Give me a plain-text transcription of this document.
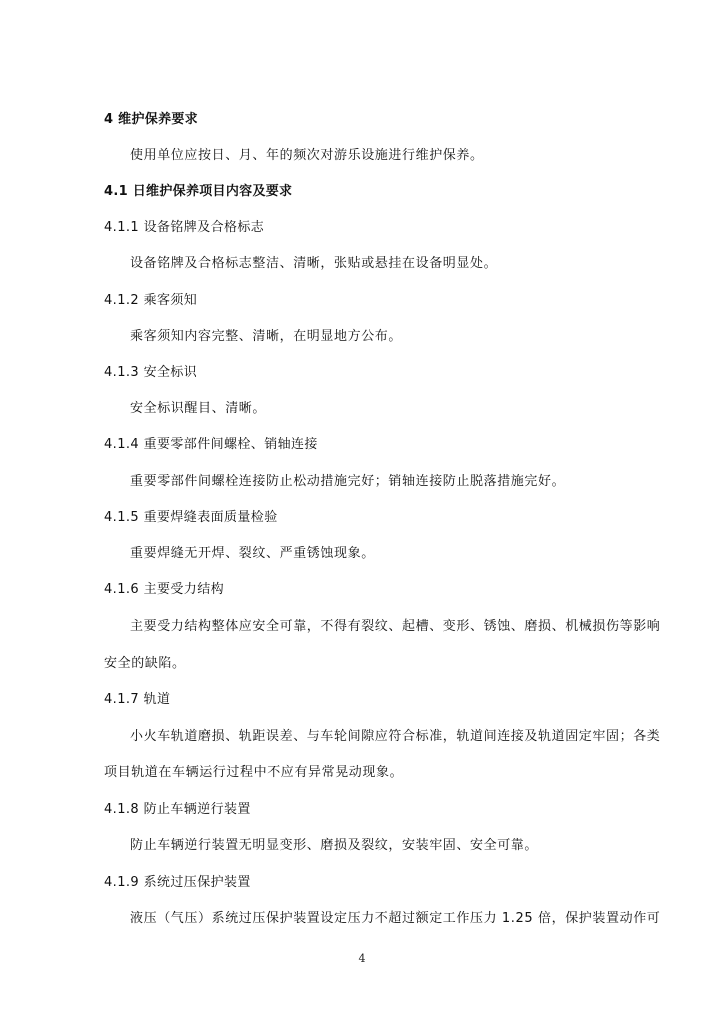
4 维护保养要求
使用单位应按日、月、年的频次对游乐设施进行维护保养。
4.1 日维护保养项目内容及要求
4.1.1 设备铭牌及合格标志
设备铭牌及合格标志整洁、清晰，张贴或悬挂在设备明显处。
4.1.2 乘客须知
乘客须知内容完整、清晰，在明显地方公布。
4.1.3 安全标识
安全标识醒目、清晰。
4.1.4 重要零部件间螺栓、销轴连接
重要零部件间螺栓连接防止松动措施完好；销轴连接防止脱落措施完好。
4.1.5 重要焊缝表面质量检验
重要焊缝无开焊、裂纹、严重锈蚀现象。
4.1.6 主要受力结构
主要受力结构整体应安全可靠，不得有裂纹、起槽、变形、锈蚀、磨损、机械损伤等影响
安全的缺陷。
4.1.7 轨道
小火车轨道磨损、轨距误差、与车轮间隙应符合标准，轨道间连接及轨道固定牢固；各类
项目轨道在车辆运行过程中不应有异常晃动现象。
4.1.8 防止车辆逆行装置
防止车辆逆行装置无明显变形、磨损及裂纹，安装牢固、安全可靠。
4.1.9 系统过压保护装置
液压（气压）系统过压保护装置设定压力不超过额定工作压力 1.25 倍，保护装置动作可
4
